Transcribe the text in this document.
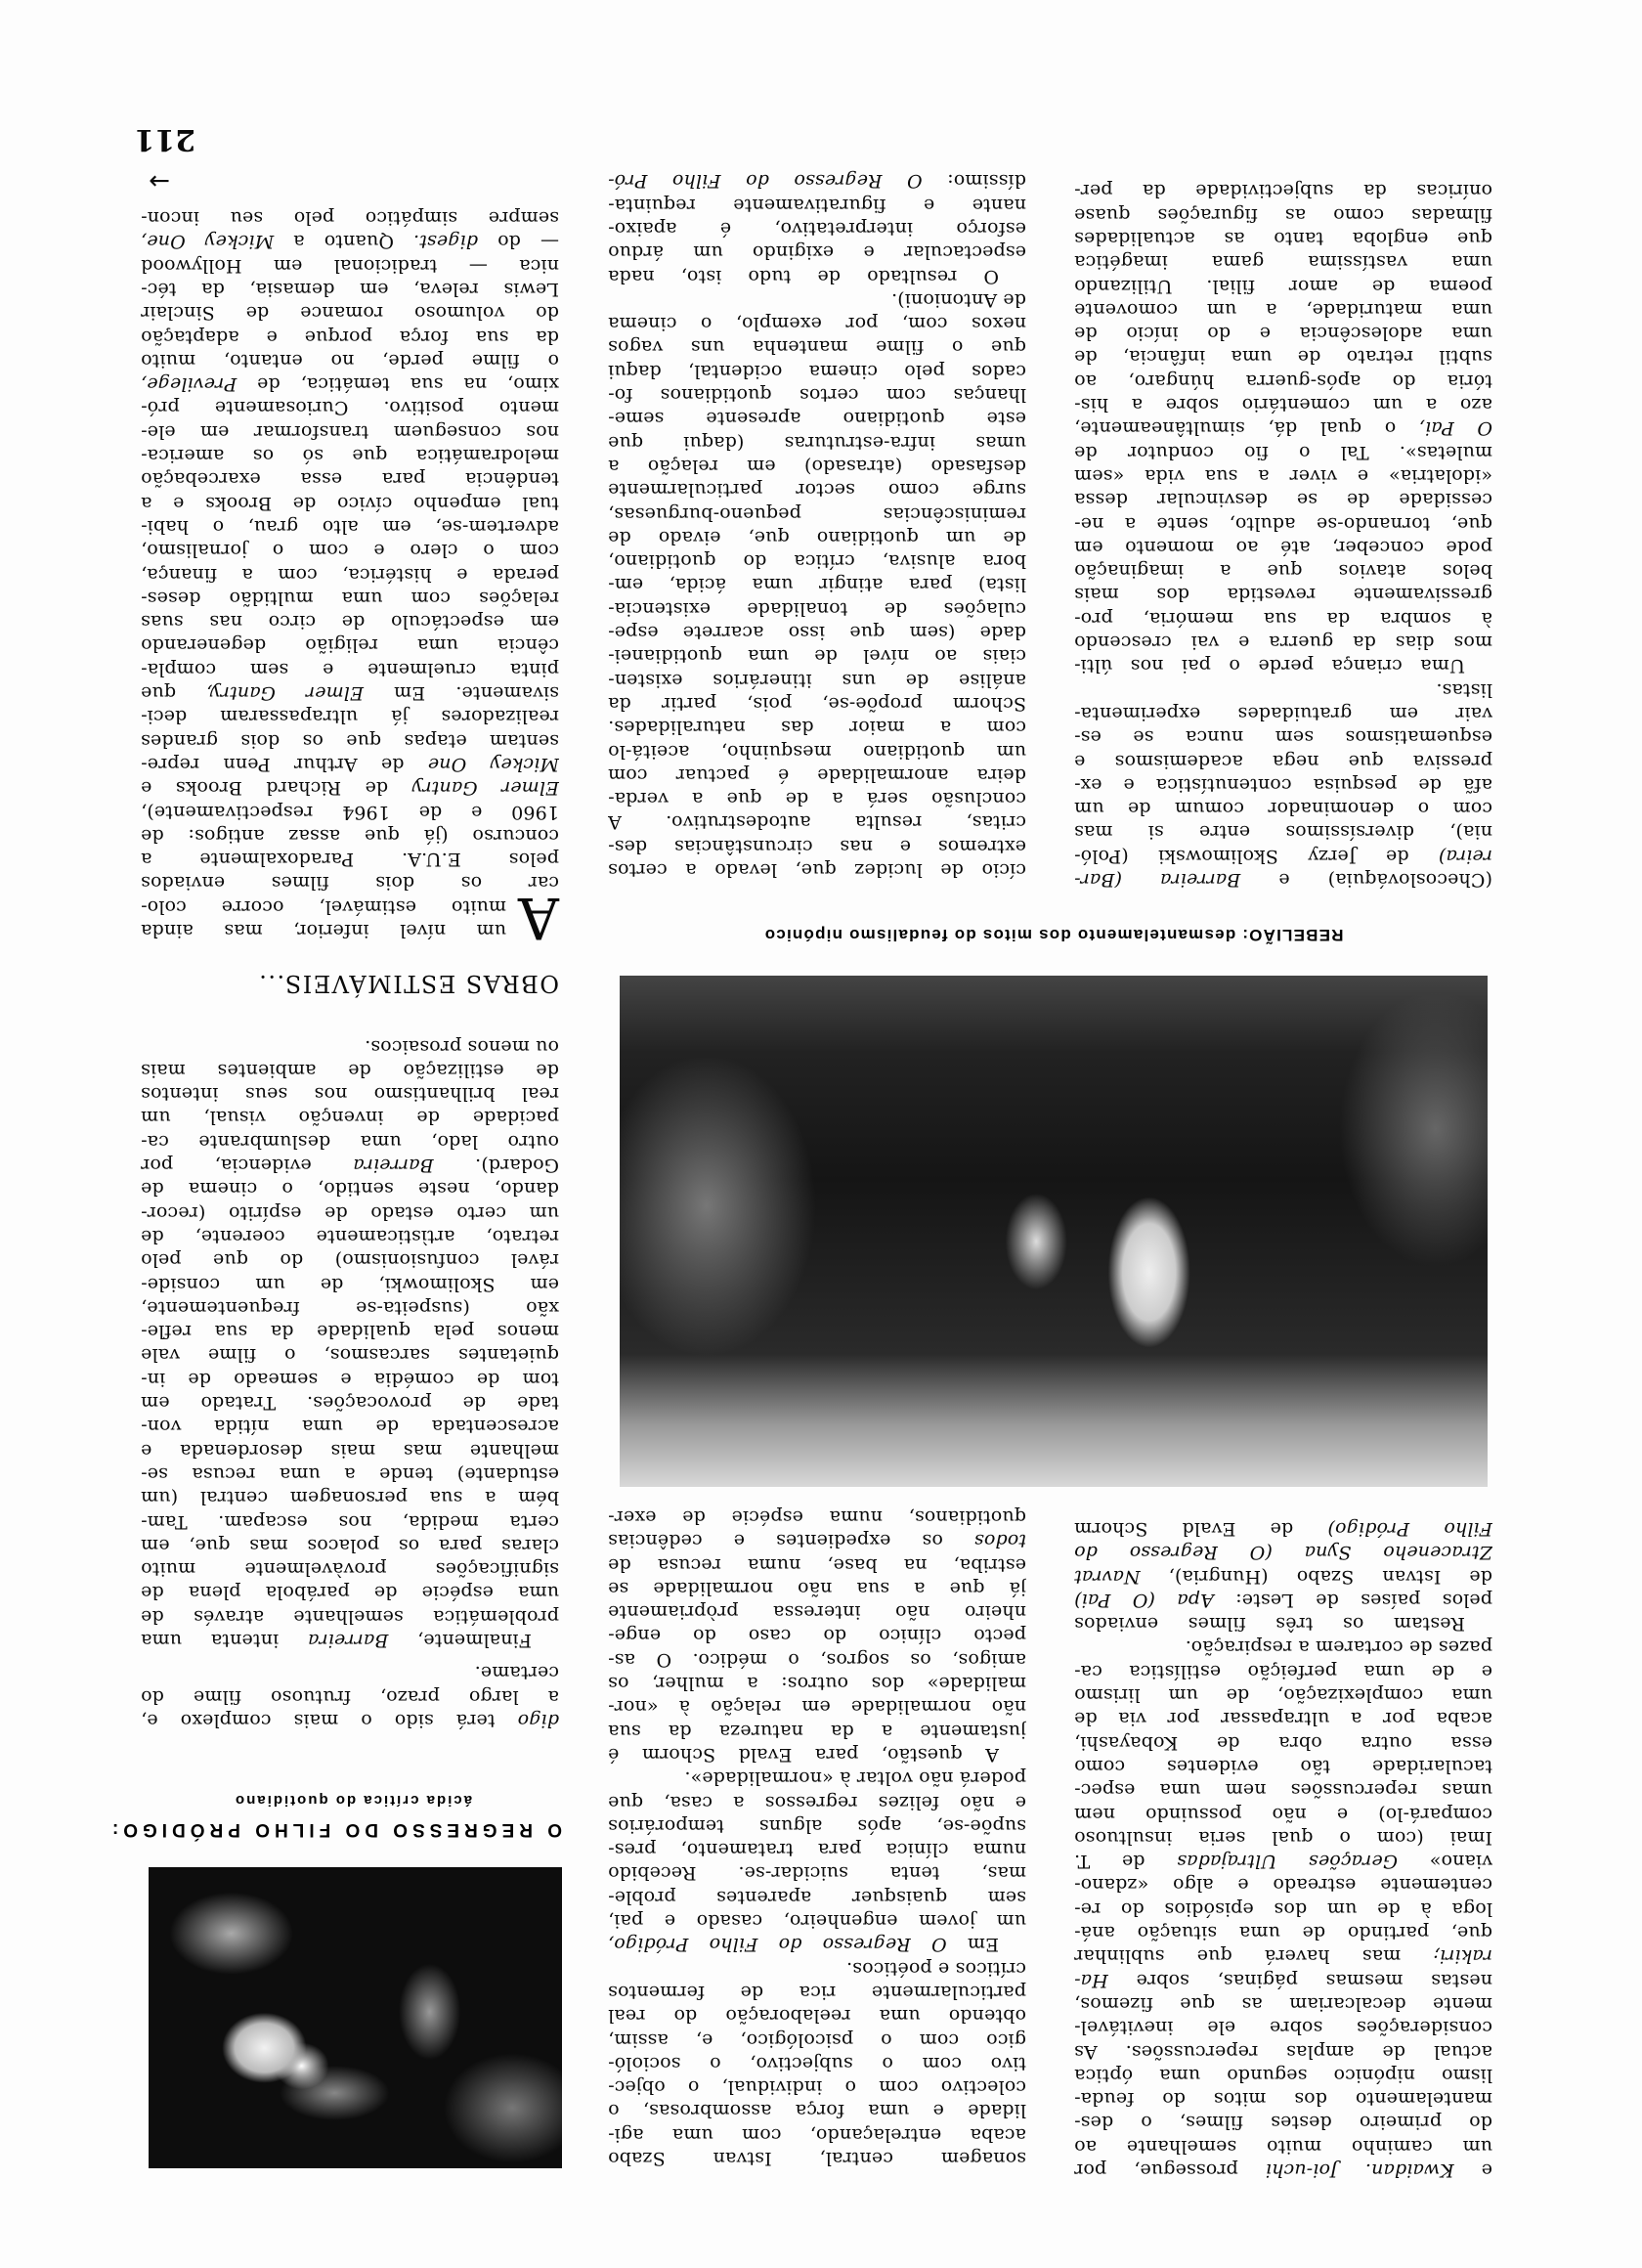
e Kwaidan. Joi-uchi prossegue, por
um caminho muito semelhante ao
do primeiro destes filmes, o des-
mantelamento dos mitos do feuda-
lismo nipónico segundo uma óptica
actual de amplas repercussões. As
considerações sobre ele inevitável-
mente decalcariam as que fizemos,
nestas mesmas páginas, sobre Ha-
rakiri; mas haverá que sublinhar
que, partindo de uma situação aná-
loga à de um dos episódios do re-
centemente estreado e algo «zdano-
viano» Gerações Ultrajadas de T.
Imai (com o qual seria insultuoso
compará-lo) e não possuindo nem
umas repercussões nem uma espec-
tacularidade tão evidentes como
essa outra obra de Kobayashi,
acaba por a ultrapassar por via de
uma complexização, de um lirismo
e de uma perfeição estilística ca-
pazes de cortarem a respiração.
Restam os três filmes enviados
pelos países de Leste: Apa (O Pai)
de Istvan Szabo (Hungria), Navrat
Ztraceneho Syna (O Regresso do
Filho Pródigo) de Evald Schorm
sonagem central, Istvan Szabo
acaba entrelaçando, com uma agi-
lidade e uma força assombrosas, o
colectivo com o individual, o objec-
tivo com o subjectivo, o socioló-
gico com o psicológico, e, assim,
obtendo uma reelaboração do real
particularmente rica de fermentos
críticos e poéticos.
Em O Regresso do Filho Pródigo,
um jovem engenheiro, casado e pai,
sem quaisquer aparentes proble-
mas, tenta suicidar-se. Recebido
numa clínica para tratamento, pres-
supõe-se, após alguns temporários
e não felizes regressos a casa, que
poderá não voltar à «normalidade».
A questão, para Evald Schorm é
justamente a da natureza da sua
não normalidade em relação à «nor-
malidade» dos outros: a mulher, os
amigos, os sogros, o médico. O as-
pecto clínico do caso do enge-
nheiro não interessa pròpriamente
já que a sua não normalidade se
estriba, na base, numa recusa de
todos os expedientes e cedências
quotidianos, numa espécie de exer-
REBELIÃO: desmantelamento dos mitos do feudalismo nipónico
(Checoslováquia) e Barreira (Bar-
reira) de Jerzy Skolimowski (Poló-
nia), diversíssimos entre si mas
com o denominador comum de um
afã de pesquisa contenutística e ex-
pressiva que nega academismos e
esquematismos sem nunca se es-
vair em gratuidades experimenta-
listas.
Uma criança perde o pai nos últi-
mos dias da guerra e vai crescendo
à sombra da sua memória, pro-
gressivamente revestida dos mais
belos atavios que a imaginação
pode conceber, até ao momento em
que, tornando-se adulto, sente a ne-
cessidade de se desvincular dessa
«idolatria» e viver a sua vida «sem
muletas». Tal o fio condutor de
O Pai, o qual dá, simultâneamente,
azo a um comentário sobre a his-
tória do após-guerra húngaro, ao
subtil retrato de uma infância, de
uma adolescência e do início de
uma maturidade, a um comovente
poema de amor filial. Utilizando
uma vastíssima gama imagética
que engloba tanto as actualidades
filmadas como as figurações quase
oníricas da subjectividade da per-
cício de lucidez que, levado a certos
extremos e nas circunstâncias des-
critas, resulta autodestrutivo. A
conclusão será a de que a verda-
deira anormalidade é pactuar com
um quotidiano mesquinho, aceitá-lo
com a maior das naturalidades.
Schorm propõe-se, pois, partir da
análise de uns itinerários existen-
ciais ao nível de uma quotidianei-
dade (sem que isso acarrete espe-
culações de tonalidade existencia-
lista) para atingir uma ácida, em-
bora alusiva, crítica do quotidiano,
de um quotidiano que, eivado de
reminiscências pequeno-burguesas,
surge como sector particularmente
desfasado (atrasado) em relação a
umas infra-estruturas (daqui que
este quotidiano apresente seme-
lhanças com certos quotidianos fo-
cados pelo cinema ocidental, daqui
que o filme mantenha uns vagos
nexos com, por exemplo, o cinema
de Antonioni).
O resultado de tudo isto, nada
espectacular e exigindo um árduo
esforço interpretativo, é apaixo-
nante e figurativamente requinta-
díssimo: O Regresso do Filho Pró-
O REGRESSO DO FILHO PRÓDIGO:
ácida crítica do quotidiano
digo terá sido o mais complexo e,
a largo prazo, frutuoso filme do
certame.
Finalmente, Barreira intenta uma
problemática semelhante através de
uma espécie de parábola plena de
significações provàvelmente muito
claras para os polacos mas que, em
certa medida, nos escapam. Tam-
bém a sua personagem central (um
estudante) tende a uma recusa se-
melhante mas mais desordenada e
acrescentada de uma nítida von-
tade de provocações. Tratado em
tom de comédia e semeado de in-
quietantes sarcasmos, o filme vale
menos pela qualidade da sua refle-
xão (suspeita-se frequentemente,
em Skolimowki, de um conside-
rável confusionismo) do que pelo
retrato, artìsticamente coerente, de
um certo estado de espírito (recor-
dando, neste sentido, o cinema de
Godard). Barreira evidencia, por
outro lado, uma deslumbrante ca-
pacidade de invenção visual, um
real brilhantismo nos seus intentos
de estilização de ambientes mais
ou menos prosaicos.
OBRAS ESTIMÁVEIS...
A
um nível inferior, mas ainda
muito estimável, ocorre colo-
car os dois filmes enviados
pelos E.U.A. Paradoxalmente a
concurso (já que assaz antigos: de
1960 e de 1964 respectivamente),
Elmer Gantry de Richard Brooks e
Mickey One de Arthur Penn repre-
sentam etapas que os dois grandes
realizadores já ultrapassaram deci-
sivamente. Em Elmer Gantry, que
pinta cruelmente e sem compla-
cência uma religião degenerando
em espectáculo de circo nas suas
relações com uma multidão deses-
perada e histérica, com a finança,
com o clero e com o jornalismo,
advertem-se, em alto grau, o habi-
tual empenho cívico de Brooks e a
tendência para essa exarcebação
melodramática que só os america-
nos conseguem transformar em ele-
mento positivo. Curiosamente pró-
ximo, na sua temática, de Previlege,
o filme perde, no entanto, muito
da sua força porque e adaptação
do volumoso romance de Sinclair
Lewis releva, em demasia, da téc-
nica — tradicional em Hollywood
— do digest. Quanto a Mickey One,
sempre simpático pelo seu incon-
→
211
